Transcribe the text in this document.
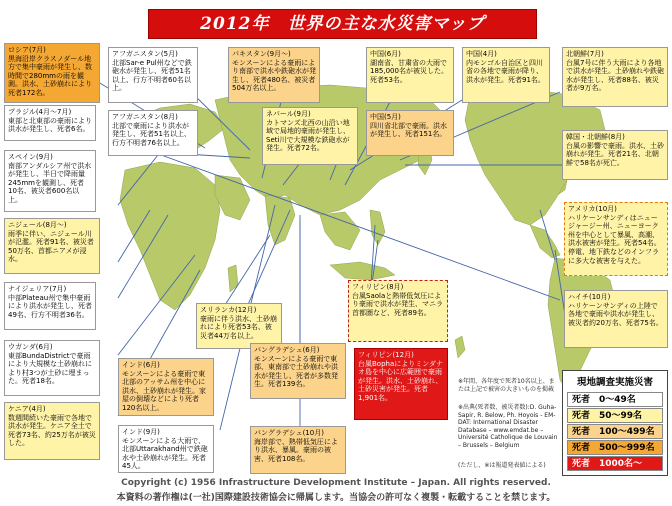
2012年　世界の主な水災害マップ
ロシア(7月)
黒海沿岸クラスノダール地方で集中豪雨が発生し、数時間で280mmの雨を観測。洪水、土砂崩れにより死者172名。
ブラジル(4月〜7月)
東部と北東部の豪雨により洪水が発生し、死者6名。
スペイン(9月)
南部アンダルシア州で洪水が発生し、半日で降雨量245mmを観測し、死者10名、被災者600名以上。
ニジェール(8月〜)
雨季に伴い、ニジェール川が氾濫。死者91名、被災者50万名、首都ニアメが浸水。
ナイジェリア(7月)
中部Plateau州で集中豪雨により洪水が発生し、死者49名、行方不明者36名。
ウガンダ(6月)
東部BundaDistrictで豪雨により大規模な土砂崩れにより村3つが土砂に埋まった。死者18名。
ケニア(4月)
数週間続いた豪雨で各地で洪水が発生。ケニア全土で死者73名、約25万名が被災した。
アフガニスタン(5月)
北部Sar-e Pul州などで鉄砲水が発生し、死者51名以上、行方不明者60名以上。
アフガニスタン(8月)
北部で豪雨により洪水が発生し、死者51名以上、行方不明者76名以上。
パキスタン(9月〜)
モンスーンによる豪雨により南部で洪水や鉄砲水が発生し、死者480名、被災者504万名以上。
ネパール(9月)
カトマンズ北西の山沿い地域で局地的豪雨が発生し、Seti川で大規模な鉄砲水が発生。死者72名。
中国(6月)
湖南省、甘粛省の大雨で185,000名が被災した。死者53名。
中国(5月)
四川省北部で豪雨。洪水が発生し、死者151名。
中国(4月)
内モンゴル自治区と四川省の各地で豪雨が降り、洪水が発生。死者91名。
北朝鮮(7月)
台風7号に伴う大雨により各地で洪水が発生。土砂崩れや鉄砲水が発生し、死者88名、被災者が9万名。
韓国・北朝鮮(8月)
台風の影響で豪雨。洪水、土砂崩れが発生。死者21名、北朝鮮で58名が死亡。
アメリカ(10月)
ハリケーンサンディはニュージャージー州、ニューヨーク州を中心として暴風、高潮、洪水被害が発生。死者54名。停電、地下鉄などのインフラに多大な被害を与えた。
ハイチ(10月)
ハリケーンサンディの上陸で各地で豪雨や洪水が発生し、被災者約20万名、死者75名。
スリランカ(12月)
豪雨に伴う洪水、土砂崩れにより死者53名、被災者44万名以上。
インド(6月)
モンスーンによる豪雨で東北部のアッサム州を中心に洪水、土砂崩れが発生。家屋の倒壊などにより死者120名以上。
インド(9月)
モンスーンによる大雨で、北部Uttarakhand州で鉄砲水や土砂崩れが発生。死者45人。
バングラデシュ(6月)
モンスーンによる豪雨で東部、東南部で土砂崩れや洪水が発生し、死者が多数発生。死者139名。
バングラデシュ(10月)
海岸部で、熱帯低気圧により洪水、暴風。豪雨の被害、死者108名。
フィリピン(8月)
台風Saolaと熱帯低気圧により豪雨で洪水が発生、マニラ首都圏など、死者89名。
フィリピン(12月)
台風Bophaによりミンダナオ島を中心に広範囲で豪雨が発生。洪水、土砂崩れ、土砂災害が発生。死者1,901名。
現地調査実施災害
死者　0〜49名
死者　50〜99名
死者　100〜499名
死者　500〜999名
死者　1000名〜
※年間、各年度で死者10名以上、または上記で被害の大きいものを掲載
※出典(死者数、被災者数):D. Guha-Sapir, R. Below, Ph. Hoyois - EM-DAT: International Disaster Database – www.emdat.be – Université Catholique de Louvain – Brussels – Belgium
(ただし、※は報道発表値による)
Copyright (c) 1956 Infrastructure Development Institute – Japan. All rights reserved.
本資料の著作権は(一社)国際建設技術協会に帰属します。当協会の許可なく複製・転載することを禁じます。
